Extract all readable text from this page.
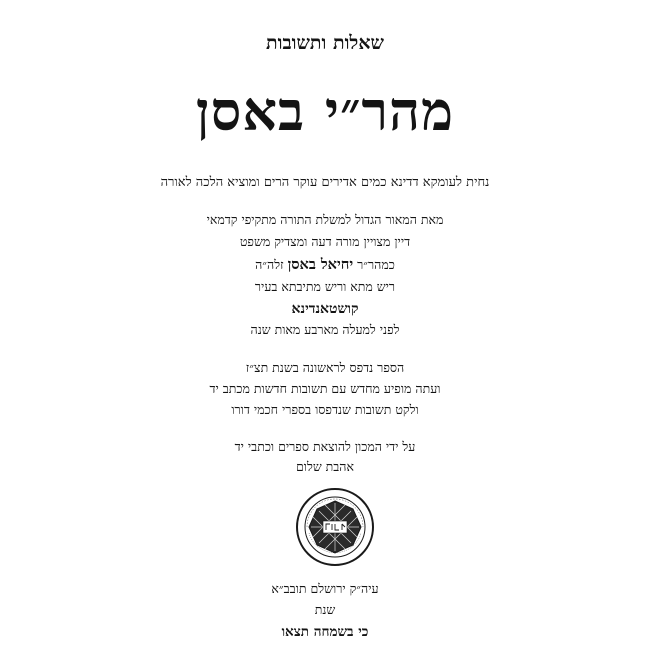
שאלות ותשובות
מהר״י באסן
נחית לעומקא דדינא כמים אדירים עוקר הרים ומוציא הלכה לאורה
מאת המאור הגדול למשלת התורה מתקיפי קדמאי
דיין מצויין מורה דעה ומצדיק משפט
כמהר״ר יחיאל באסן זלה״ה
ריש מתא וריש מתיבתא בעיר
קושטאנדינא
לפני למעלה מארבע מאות שנה
הספר נדפס לראשונה בשנת תצ״ז
ועתה מופיע מחדש עם תשובות חדשות מכתב יד
ולקט תשובות שנדפסו בספרי חכמי דורו
על ידי המכון להוצאת ספרים וכתבי יד
אהבת שלום
עיה״ק ירושלם תובב״א
שנת
כי בשמחה תצאו
